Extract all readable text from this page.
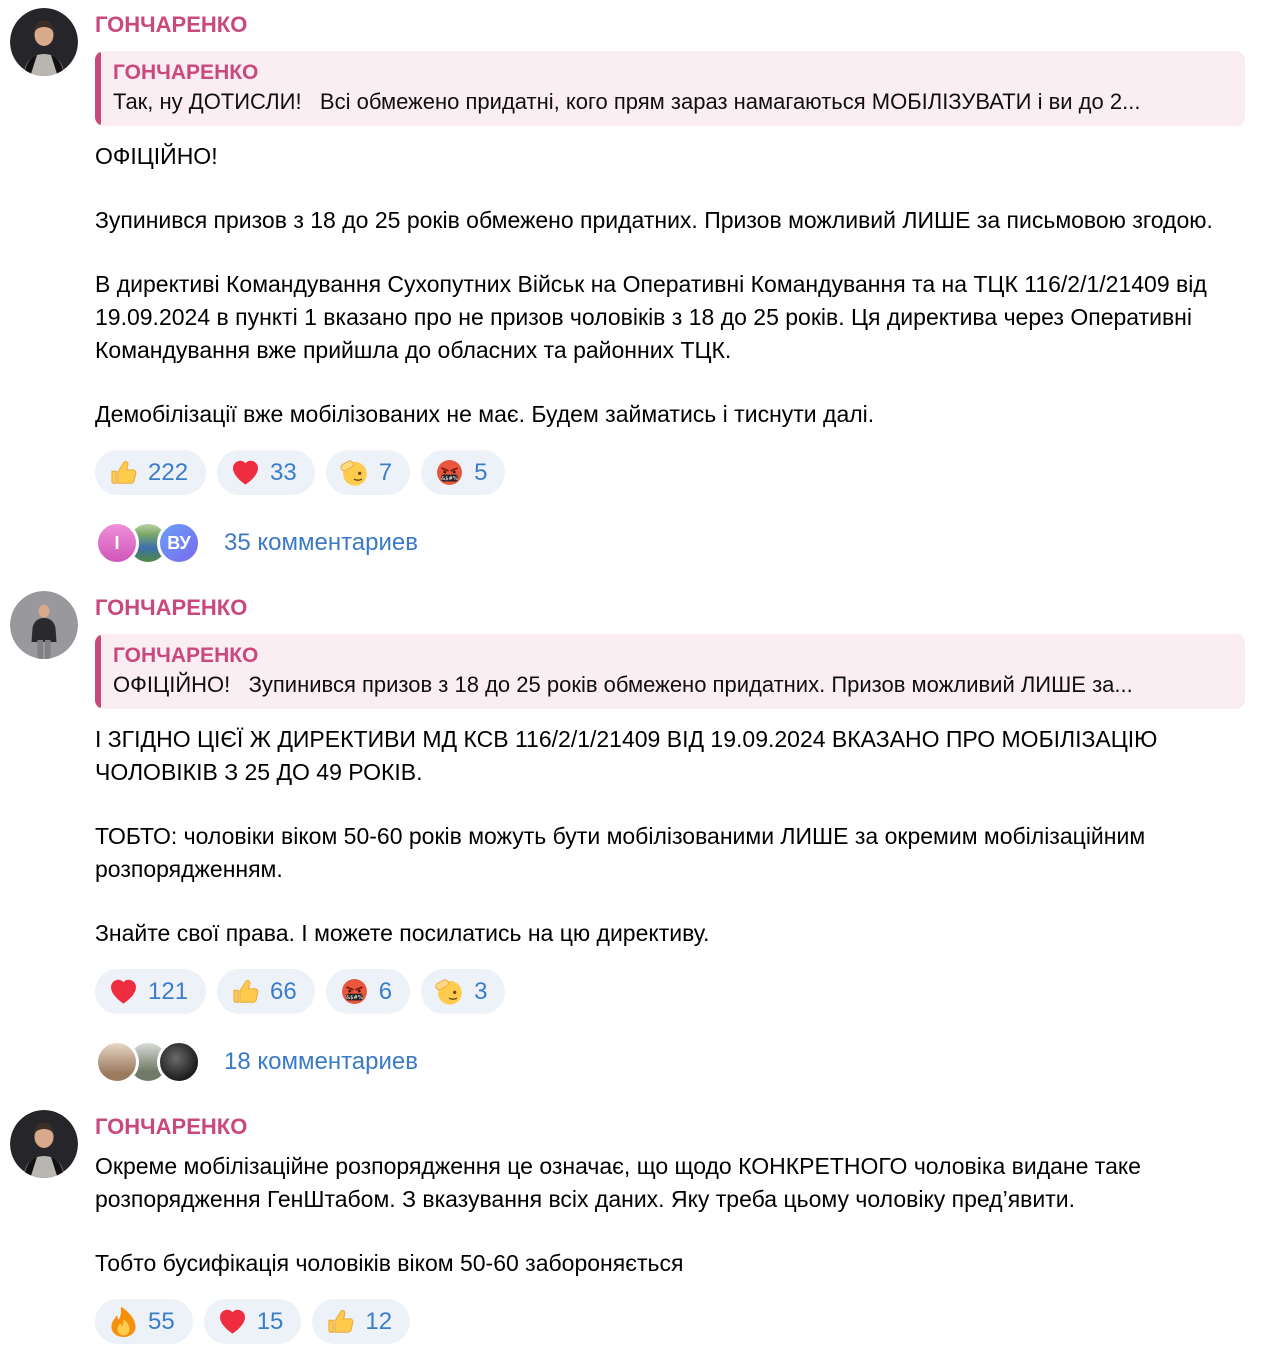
ГОНЧАРЕНКО
ГОНЧАРЕНКО
Так, ну ДОТИСЛИ!   Всі обмежено придатні, кого прям зараз намагаються МОБІЛІЗУВАТИ і ви до 2...

ОФІЦІЙНО!

Зупинився призов з 18 до 25 років обмежено придатних. Призов можливий ЛИШЕ за письмовою згодою.

В директиві Командування Сухопутних Військ на Оперативні Командування та на ТЦК 116/2/1/21409 від 19.09.2024 в пункті 1 вказано про не призов чоловіків з 18 до 25 років. Ця директива через Оперативні Командування вже прийшла до обласних та районних ТЦК.

Демобілізації вже мобілізованих не має. Будем займатись і тиснути далі.

222	33	7	&$#% 5
І	ВУ	35 комментариев
ГОНЧАРЕНКО
ГОНЧАРЕНКО
ОФІЦІЙНО!   Зупинився призов з 18 до 25 років обмежено придатних. Призов можливий ЛИШЕ за...

І ЗГІДНО ЦІЄЇ Ж ДИРЕКТИВИ МД КСВ 116/2/1/21409 ВІД 19.09.2024 ВКАЗАНО ПРО МОБІЛІЗАЦІЮ ЧОЛОВІКІВ З 25 ДО 49 РОКІВ.

ТОБТО: чоловіки віком 50-60 років можуть бути мобілізованими ЛИШЕ за окремим мобілізаційним розпорядженням.

Знайте свої права. І можете посилатись на цю директиву.

121	66	&$#% 6	3
18 комментариев
ГОНЧАРЕНКО

Окреме мобілізаційне розпорядження це означає, що щодо КОНКРЕТНОГО чоловіка видане таке розпорядження ГенШтабом. З вказування всіх даних. Яку треба цьому чоловіку пред’явити.

Тобто бусифікація чоловіків віком 50-60 забороняється

55	15	12
